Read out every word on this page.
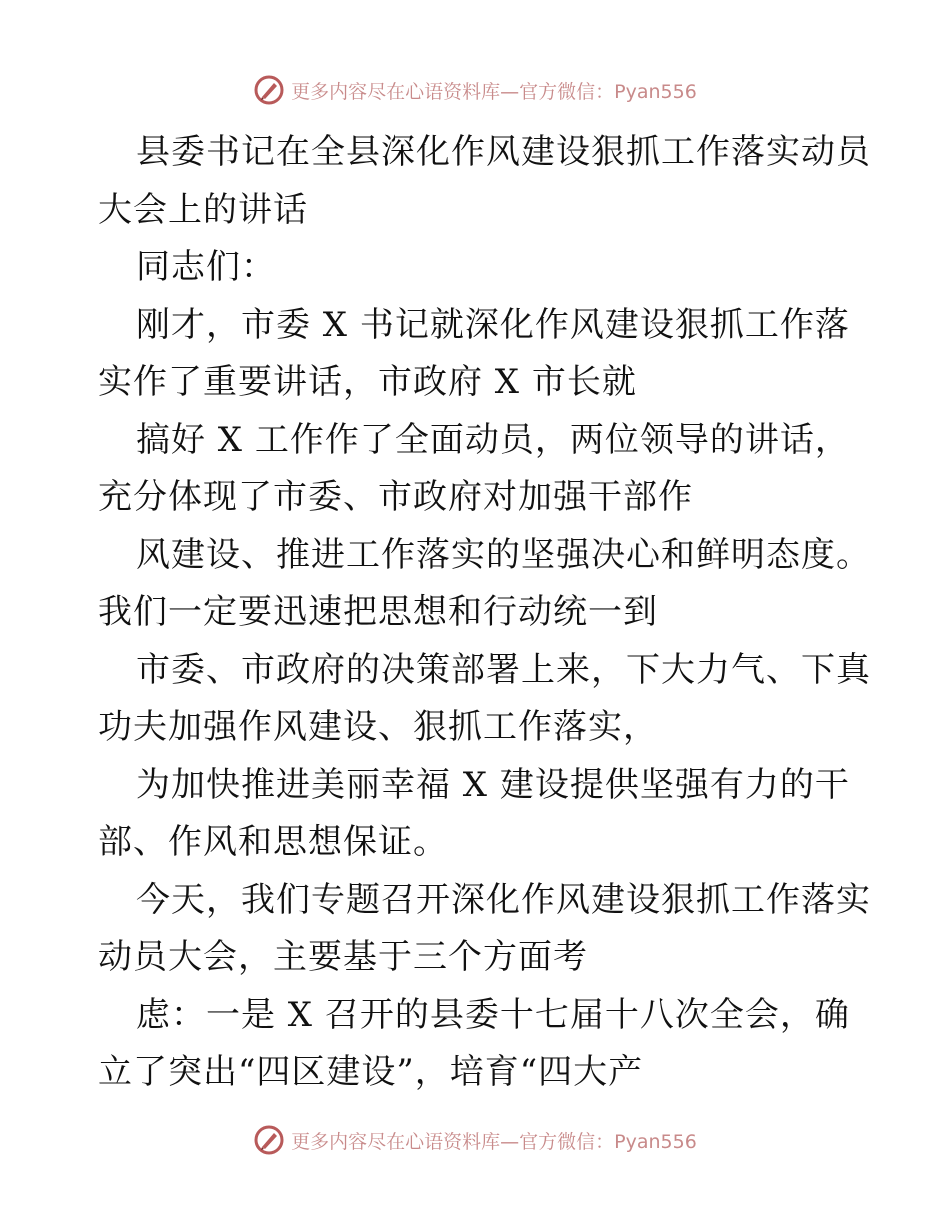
更多内容尽在心语资料库—官方微信：Pyan556
县委书记在全县深化作风建设狠抓工作落实动员
大会上的讲话
同志们：
刚才，市委 X 书记就深化作风建设狠抓工作落
实作了重要讲话，市政府 X 市长就
搞好 X 工作作了全面动员，两位领导的讲话，
充分体现了市委、市政府对加强干部作
风建设、推进工作落实的坚强决心和鲜明态度。
我们一定要迅速把思想和行动统一到
市委、市政府的决策部署上来，下大力气、下真
功夫加强作风建设、狠抓工作落实，
为加快推进美丽幸福 X 建设提供坚强有力的干
部、作风和思想保证。
今天，我们专题召开深化作风建设狠抓工作落实
动员大会，主要基于三个方面考
虑：一是 X 召开的县委十七届十八次全会，确
立了突出“四区建设”，培育“四大产
更多内容尽在心语资料库—官方微信：Pyan556
